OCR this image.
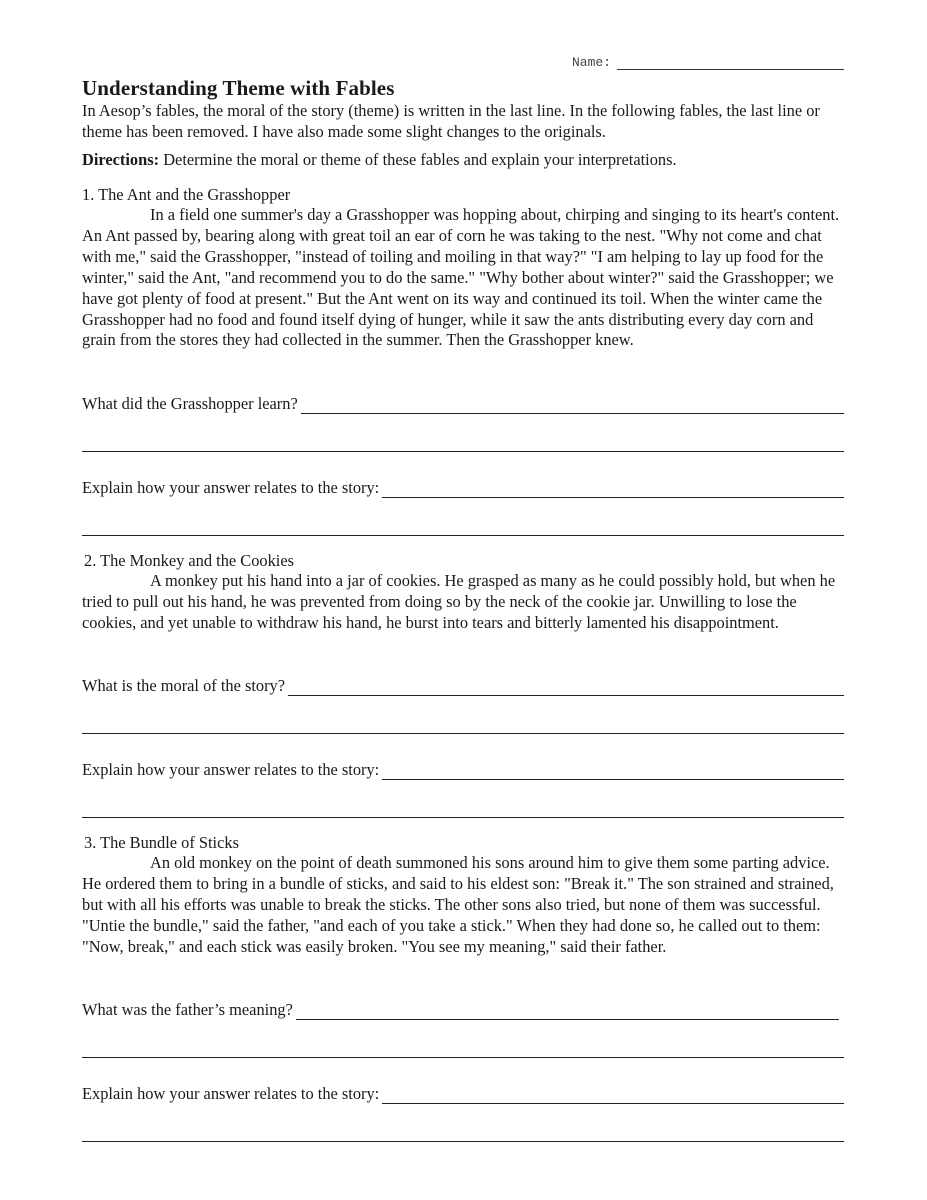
Name:
Understanding Theme with Fables

In Aesop’s fables, the moral of the story (theme) is written in the last line. In the following fables, the last line or theme has been removed. I have also made some slight changes to the originals.

Directions: Determine the moral or theme of these fables and explain your interpretations.

1. The Ant and the Grasshopper

In a field one summer's day a Grasshopper was hopping about, chirping and singing to its heart's content. An Ant passed by, bearing along with great toil an ear of corn he was taking to the nest. "Why not come and chat with me," said the Grasshopper, "instead of toiling and moiling in that way?" "I am helping to lay up food for the winter," said the Ant, "and recommend you to do the same." "Why bother about winter?" said the Grasshopper; we have got plenty of food at present." But the Ant went on its way and continued its toil. When the winter came the Grasshopper had no food and found itself dying of hunger, while it saw the ants distributing every day corn and grain from the stores they had collected in the summer. Then the Grasshopper knew.

What did the Grasshopper learn?
Explain how your answer relates to the story:

2. The Monkey and the Cookies

A monkey put his hand into a jar of cookies. He grasped as many as he could possibly hold, but when he tried to pull out his hand, he was prevented from doing so by the neck of the cookie jar. Unwilling to lose the cookies, and yet unable to withdraw his hand, he burst into tears and bitterly lamented his disappointment.

What is the moral of the story?
Explain how your answer relates to the story:

3. The Bundle of Sticks

An old monkey on the point of death summoned his sons around him to give them some parting advice. He ordered them to bring in a bundle of sticks, and said to his eldest son: "Break it." The son strained and strained, but with all his efforts was unable to break the sticks. The other sons also tried, but none of them was successful. "Untie the bundle," said the father, "and each of you take a stick." When they had done so, he called out to them: "Now, break," and each stick was easily broken. "You see my meaning," said their father.

What was the father’s meaning?
Explain how your answer relates to the story:
